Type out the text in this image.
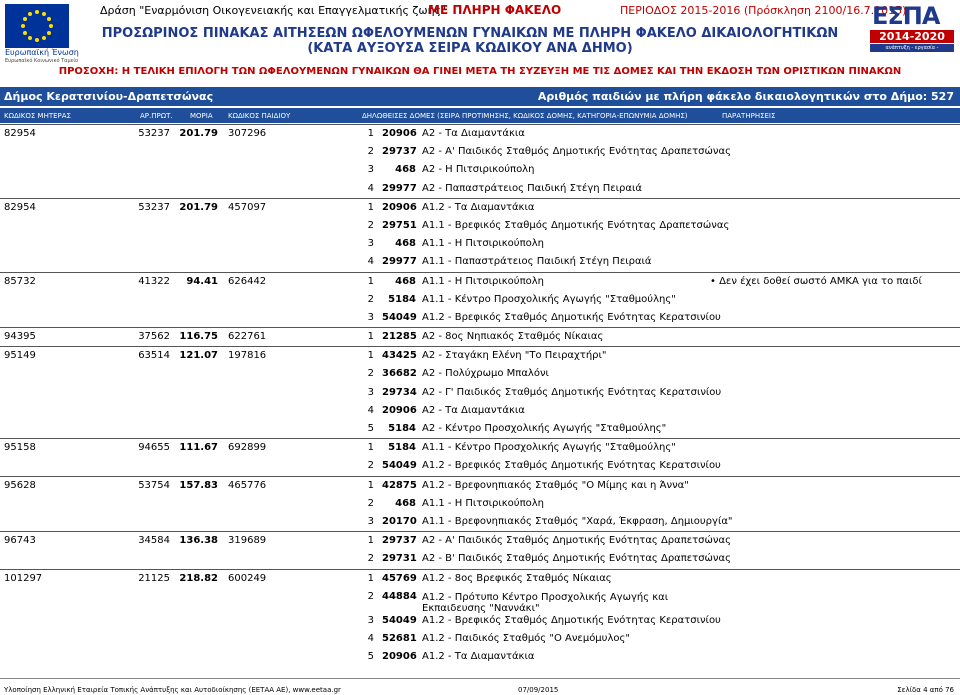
Ευρωπαϊκή Ένωση
Ευρωπαϊκό Κοινωνικό Ταμείο
Δράση "Εναρμόνιση Οικογενειακής και Επαγγελματικής ζωής"
ΜΕ ΠΛΗΡΗ ΦΑΚΕΛΟ	ΠΕΡΙΟΔΟΣ 2015-2016 (Πρόσκληση 2100/16.7.2015)
ΠΡΟΣΩΡΙΝΟΣ ΠΙΝΑΚΑΣ ΑΙΤΗΣΕΩΝ ΩΦΕΛΟΥΜΕΝΩΝ ΓΥΝΑΙΚΩΝ ΜΕ ΠΛΗΡΗ ΦΑΚΕΛΟ ΔΙΚΑΙΟΛΟΓΗΤΙΚΩΝ
(ΚΑΤΑ ΑΥΞΟΥΣΑ ΣΕΙΡΑ ΚΩΔΙΚΟΥ ΑΝΑ ΔΗΜΟ)
ΠΡΟΣΟΧΗ: Η ΤΕΛΙΚΗ ΕΠΙΛΟΓΗ ΤΩΝ ΩΦΕΛΟΥΜΕΝΩΝ ΓΥΝΑΙΚΩΝ ΘΑ ΓΙΝΕΙ ΜΕΤΑ ΤΗ ΣΥΖΕΥΞΗ ΜΕ ΤΙΣ ΔΟΜΕΣ ΚΑΙ ΤΗΝ ΕΚΔΟΣΗ ΤΩΝ ΟΡΙΣΤΙΚΩΝ ΠΙΝΑΚΩΝ
ΕΣΠΑ
2014-2020
ανάπτυξη - εργασία - αλληλεγγύη
Δήμος Κερατσινίου-Δραπετσώνας	Αριθμός παιδιών με πλήρη φάκελο δικαιολογητικών στο Δήμο: 527
ΚΩΔΙΚΟΣ ΜΗΤΕΡΑΣ	ΑΡ.ΠΡΩΤ. ΜΟΡΙΑ ΚΩΔΙΚΟΣ ΠΑΙΔΙΟΥ	ΔΗΛΩΘΕΙΣΕΣ ΔΟΜΕΣ (ΣΕΙΡΑ ΠΡΟΤΙΜΗΣΗΣ, ΚΩΔΙΚΟΣ ΔΟΜΗΣ, ΚΑΤΗΓΟΡΙΑ-ΕΠΩΝΥΜΙΑ ΔΟΜΗΣ)	ΠΑΡΑΤΗΡΗΣΕΙΣ
82954	53237 201.79 307296	1 20906 Α2 - Τα Διαμαντάκια
2 29737 Α2 - Α' Παιδικός Σταθμός Δημοτικής Ενότητας Δραπετσώνας
3	468 Α2 - Η Πιτσιρικούπολη
4 29977 Α2 - Παπαστράτειος Παιδική Στέγη Πειραιά
82954	53237 201.79 457097	1 20906 Α1.2 - Τα Διαμαντάκια
2 29751 Α1.1 - Βρεφικός Σταθμός Δημοτικής Ενότητας Δραπετσώνας
3	468 Α1.1 - Η Πιτσιρικούπολη
4 29977 Α1.1 - Παπαστράτειος Παιδική Στέγη Πειραιά
85732	41322	94.41 626442	• Δεν έχει δοθεί σωστό ΑΜΚΑ για το παιδί
1	468 Α1.1 - Η Πιτσιρικούπολη
2	5184 Α1.1 - Κέντρο Προσχολικής Αγωγής "Σταθμούλης"
3 54049 Α1.2 - Βρεφικός Σταθμός Δημοτικής Ενότητας Κερατσινίου
94395	37562 116.75 622761	1 21285 Α2 - 8ος Νηπιακός Σταθμός Νίκαιας
95149	63514 121.07 197816	1 43425 Α2 - Σταγάκη Ελένη "Το Πειραχτήρι"
2 36682 Α2 - Πολύχρωμο Μπαλόνι
3 29734 Α2 - Γ' Παιδικός Σταθμός Δημοτικής Ενότητας Κερατσινίου
4 20906 Α2 - Τα Διαμαντάκια
5	5184 Α2 - Κέντρο Προσχολικής Αγωγής "Σταθμούλης"
95158	94655 111.67 692899	1	5184 Α1.1 - Κέντρο Προσχολικής Αγωγής "Σταθμούλης"
2 54049 Α1.2 - Βρεφικός Σταθμός Δημοτικής Ενότητας Κερατσινίου
95628	53754 157.83 465776	1 42875 Α1.2 - Βρεφονηπιακός Σταθμός "Ο Μίμης και η Άννα"
2	468 Α1.1 - Η Πιτσιρικούπολη
3 20170 Α1.1 - Βρεφονηπιακός Σταθμός "Χαρά, Έκφραση, Δημιουργία"
96743	34584 136.38 319689	1 29737 Α2 - Α' Παιδικός Σταθμός Δημοτικής Ενότητας Δραπετσώνας
2 29731 Α2 - Β' Παιδικός Σταθμός Δημοτικής Ενότητας Δραπετσώνας
101297	21125 218.82 600249	1 45769 Α1.2 - 8ος Βρεφικός Σταθμός Νίκαιας
2 44884 Α1.2 - Πρότυπο Κέντρο Προσχολικής Αγωγής και Εκπαιδευσης "Ναννάκι"
3 54049 Α1.2 - Βρεφικός Σταθμός Δημοτικής Ενότητας Κερατσινίου
4 52681 Α1.2 - Παιδικός Σταθμός "Ο Ανεμόμυλος"
5 20906 Α1.2 - Τα Διαμαντάκια
Υλοποίηση Ελληνική Εταιρεία Τοπικής Ανάπτυξης και Αυτοδιοίκησης (ΕΕΤΑΑ ΑΕ), www.eetaa.gr	07/09/2015	Σελίδα 4 από 76
